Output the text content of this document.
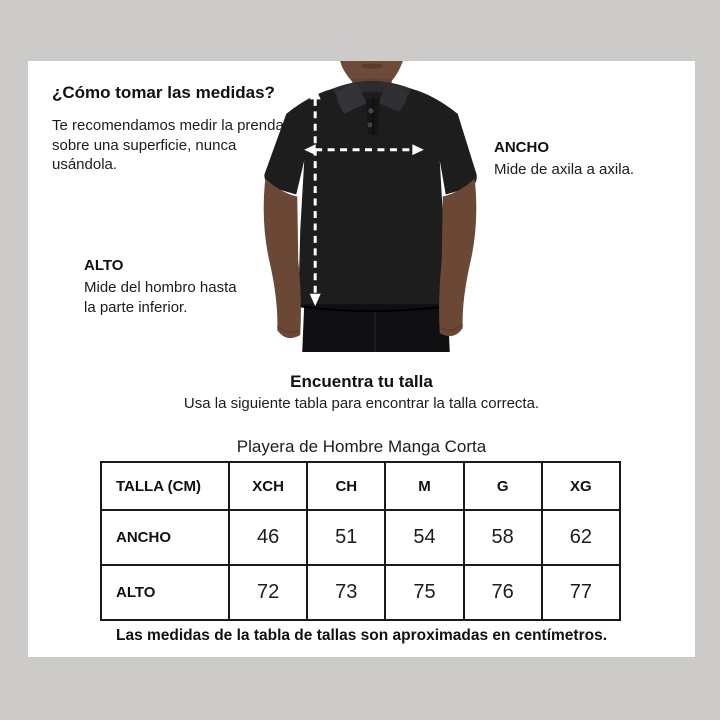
¿Cómo tomar las medidas?

Te recomendamos medir la prenda sobre una superficie, nunca usándola.

ANCHO
Mide de axila a axila.
ALTO
Mide del hombro hasta la parte inferior.
Encuentra tu talla

Usa la siguiente tabla para encontrar la talla correcta.

Playera de Hombre Manga Corta
TALLA (CM)	XCH	CH	M	G	XG
ANCHO	46	51	54	58	62
ALTO	72	73	75	76	77
Las medidas de la tabla de tallas son aproximadas en centímetros.
